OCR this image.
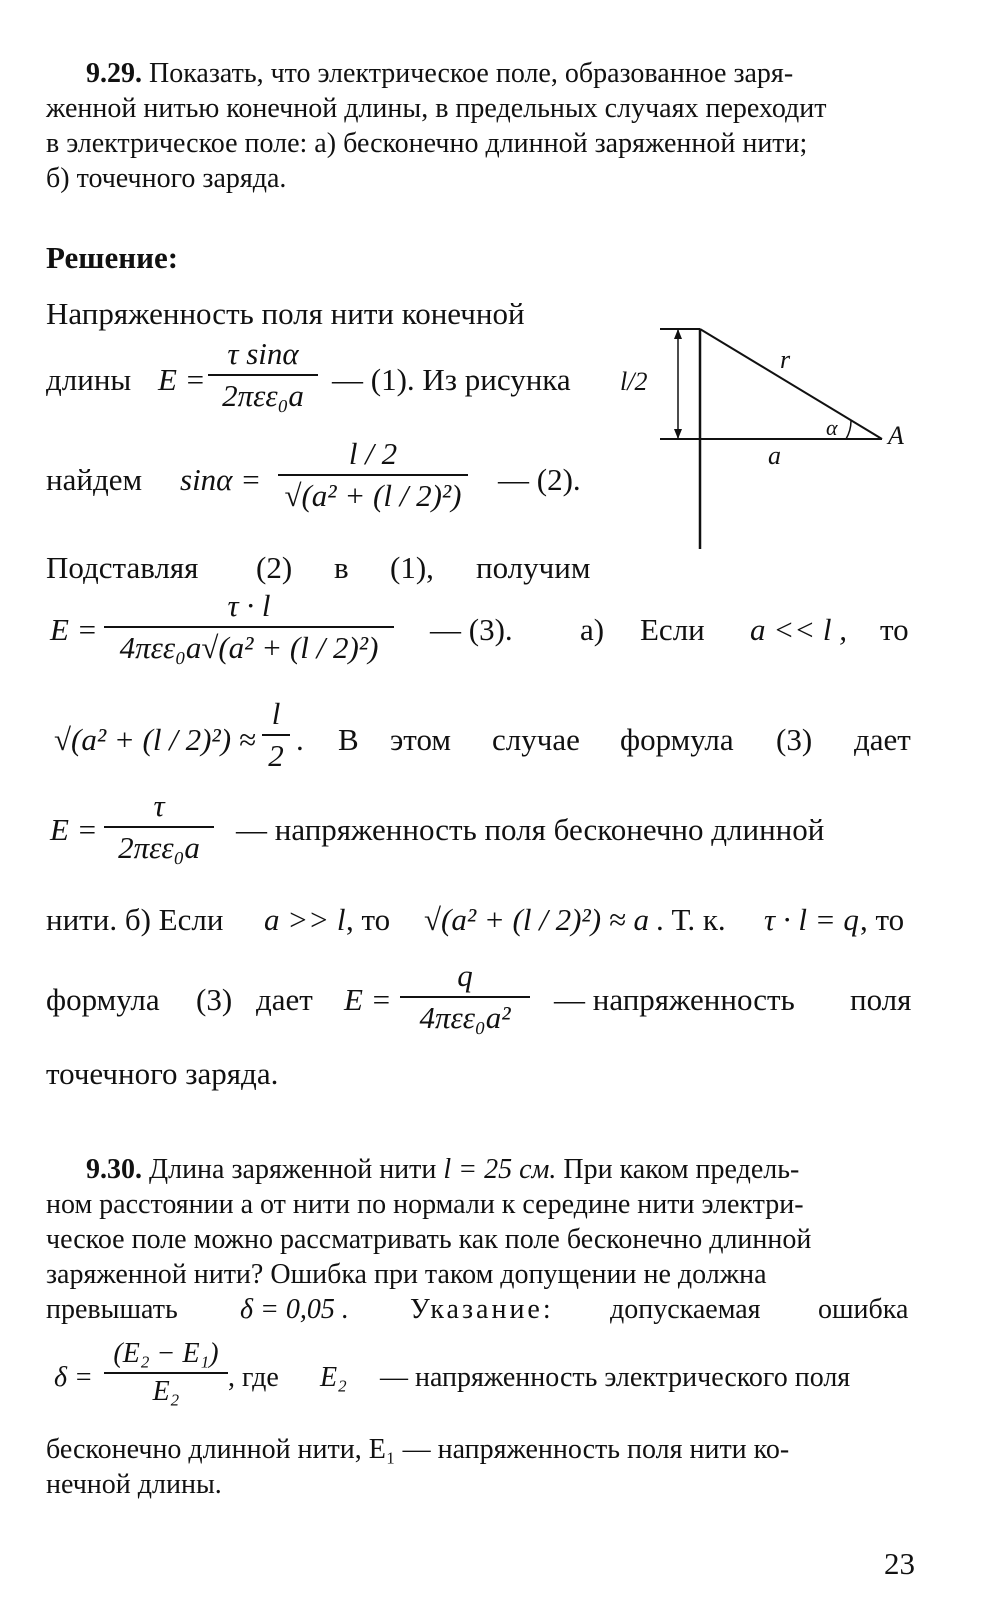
9.29. Показать, что электрическое поле, образованное заря-
женной нитью конечной длины, в предельных случаях переходит
в электрическое поле: а) бесконечно длинной заряженной нити;
б) точечного заряда.
Решение:
Напряженность поля нити конечной
длины E =
τ sinα
2πεε₀a — (1). Из рисунка
найдем sinα =
l / 2
√(a² + (l / 2)²) — (2).
Подставляя (2) в (1), получим
E =
τ · l
4πεε₀a√(a² + (l / 2)²)
— (3). а) Если a << l , то
√(a² + (l / 2)²) ≈
l
2 . В этом случае формула (3) дает
E =
τ
2πεε₀a
— напряженность поля бесконечно длинной
нити. б) Если a >> l , то √(a² + (l / 2)²) ≈ a . Т. к. τ · l = q , то
формула (3) дает E =
q
4πεε₀a²
— напряженность поля
точечного заряда.
l/2
r
α A
a
9.30. Длина заряженной нити l = 25 см. При каком предель-
ном расстоянии a от нити по нормали к середине нити электри-
ческое поле можно рассматривать как поле бесконечно длинной
заряженной нити? Ошибка при таком допущении не должна
превышать δ = 0,05 . Указание: допускаемая ошибка
δ =
(E₂ − E₁)
E₂	, где E₂ — напряженность электрического поля
бесконечно длинной нити, E₁ — напряженность поля нити ко-
нечной длины.
23
